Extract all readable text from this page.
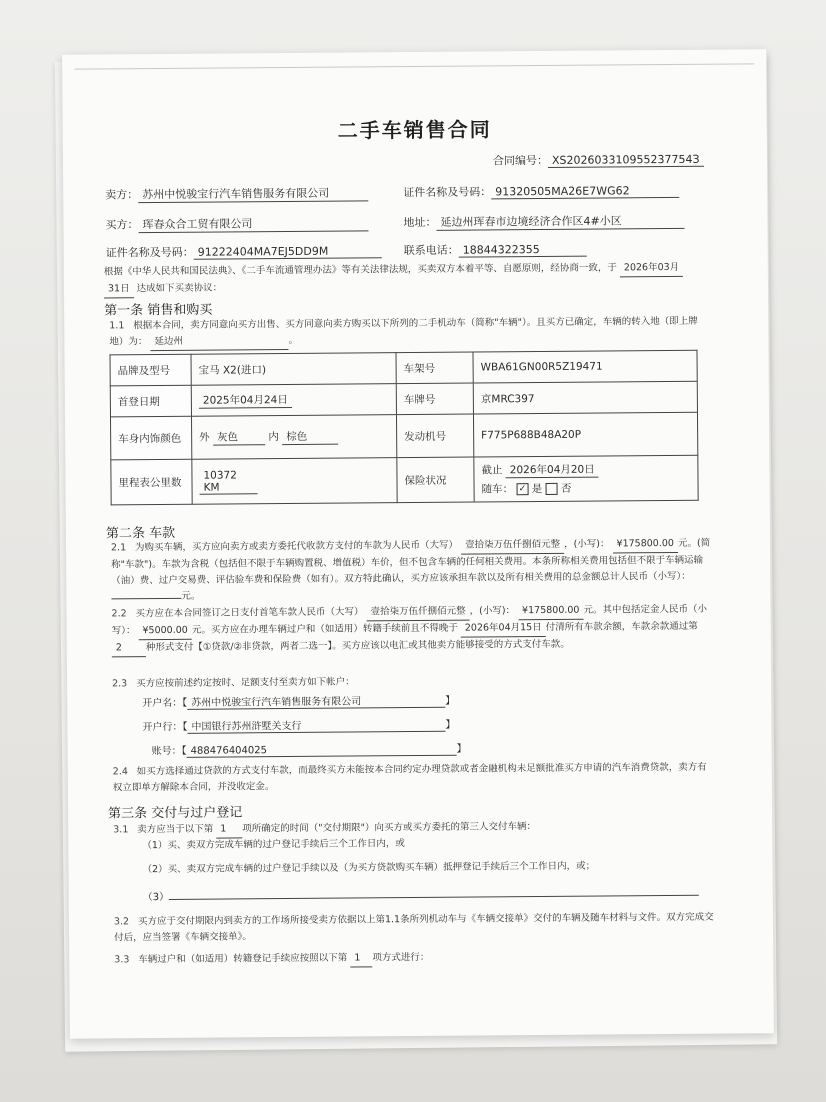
二手车销售合同
合同编号： XS202603310955237754З
卖方： 苏州中悦骏宝行汽车销售服务有限公司	证件名称及号码： 91320505MA26E7WG62
买方： 珲春众合工贸有限公司	地址： 延边州珲春市边境经济合作区4#小区
证件名称及号码： 91222404MA7EJ5DD9M	联系电话： 18844322355
根据《中华人民共和国民法典》、《二手车流通管理办法》等有关法律法规，买卖双方本着平等、自愿原则，经协商一致，于 2026年03月 31日 达成如下买卖协议：
第一条 销售和购买
1.1 根据本合同，卖方同意向买方出售、买方同意向卖方购买以下所列的二手机动车（简称"车辆"）。且买方已确定，车辆的转入地（即上牌地）为： 延边州	。
品牌及型号	宝马 X2(进口)	车架号	WBA61GN00R5Z19471
首登日期	2025年04月24日	车牌号	京MRC397
车身内饰颜色	外 灰色 内 棕色	发动机号	F775P688B48A20P
里程表公里数	10372 KM	保险状况	截止 2026年04月20日
随车： ✓ 是 否
第二条 车款
2.1 为购买车辆，买方应向卖方或卖方委托代收款方支付的车款为人民币（大写） 壹拾柒万伍仟捌佰元整 ，(小写)： ¥175800.00 元。(简称"车款")。车款为含税（包括但不限于车辆购置税、增值税）车价，但不包含车辆的任何相关费用。本条所称相关费用包括但不限于车辆运输（油）费、过户交易费、评估验车费和保险费（如有）。双方特此确认，买方应该承担车款以及所有相关费用的总金额总计人民币（小写）： 元。
2.2 买方应在本合同签订之日支付首笔车款人民币（大写） 壹拾柒万伍仟捌佰元整 ，(小写)： ¥175800.00 元。其中包括定金人民币（小写）： ¥5000.00 元。买方应在办理车辆过户和（如适用）转籍手续前且不得晚于 2026年04月15日 付清所有车款余额，车款余款通过第 2	种形式支付【①贷款/②非贷款，两者二选一】。买方应该以电汇或其他卖方能够接受的方式支付车款。
2.3 买方应按前述约定按时、足额支付至卖方如下帐户：
开户名：【 苏州中悦骏宝行汽车销售服务有限公司	】
开户行：【 中国银行苏州浒墅关支行	】
账号：【 488476404025	】
2.4 如买方选择通过贷款的方式支付车款，而最终买方未能按本合同约定办理贷款或者金融机构未足额批准买方申请的汽车消费贷款，卖方有权立即单方解除本合同，并没收定金。
第三条 交付与过户登记
3.1 卖方应当于以下第 1 项所确定的时间（"交付期限"）向买方或买方委托的第三人交付车辆：
（1）买、卖双方完成车辆的过户登记手续后三个工作日内，或
（2）买、卖双方完成车辆的过户登记手续以及（为买方贷款购买车辆）抵押登记手续后三个工作日内，或；
（3）
3.2 买方应于交付期限内到卖方的工作场所接受卖方依据以上第1.1条所列机动车与《车辆交接单》交付的车辆及随车材料与文件。双方完成交付后，应当签署《车辆交接单》。
3.3 车辆过户和（如适用）转籍登记手续应按照以下第 1 项方式进行：
